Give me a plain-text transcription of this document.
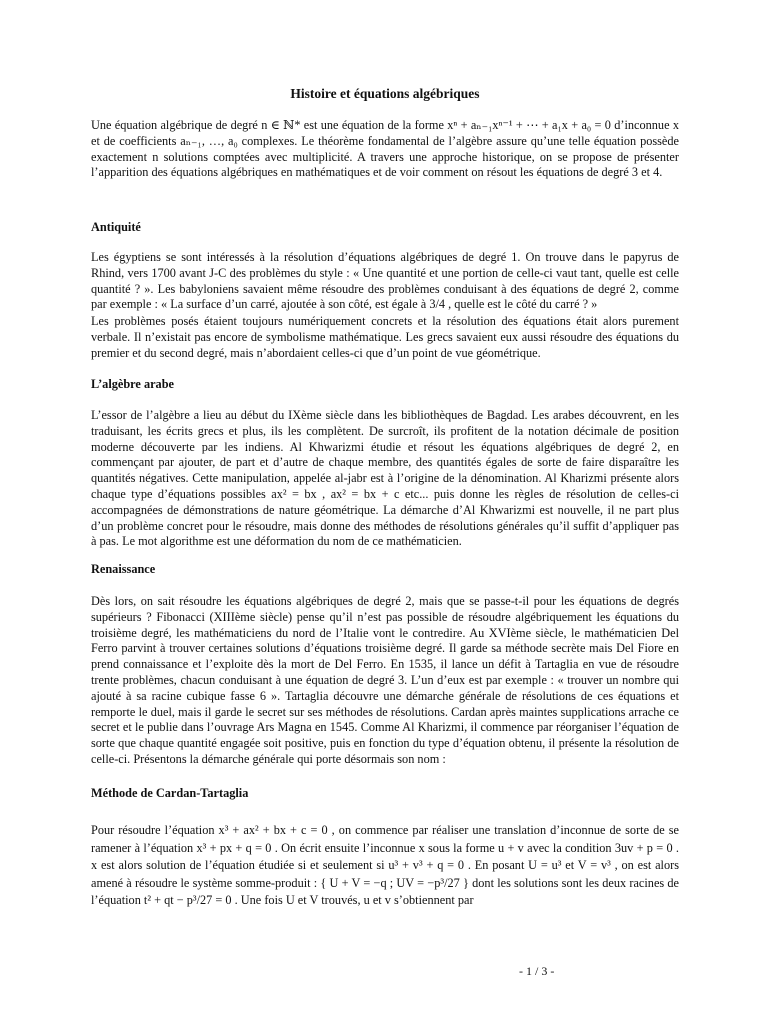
Histoire et équations algébriques

Une équation algébrique de degré n ∈ ℕ* est une équation de la forme xⁿ + aₙ₋₁xⁿ⁻¹ + ⋯ + a₁x + a₀ = 0 d’inconnue x et de coefficients aₙ₋₁, …, a₀ complexes. Le théorème fondamental de l’algèbre assure qu’une telle équation possède exactement n solutions comptées avec multiplicité. A travers une approche historique, on se propose de présenter l’apparition des équations algébriques en mathématiques et de voir comment on résout les équations de degré 3 et 4.

Antiquité

Les égyptiens se sont intéressés à la résolution d’équations algébriques de degré 1. On trouve dans le papyrus de Rhind, vers 1700 avant J-C des problèmes du style : « Une quantité et une portion de celle-ci vaut tant, quelle est celle quantité ? ». Les babyloniens savaient même résoudre des problèmes conduisant à des équations de degré 2, comme par exemple : « La surface d’un carré, ajoutée à son côté, est égale à 3/4 , quelle est le côté du carré ? »

Les problèmes posés étaient toujours numériquement concrets et la résolution des équations était alors purement verbale. Il n’existait pas encore de symbolisme mathématique. Les grecs savaient eux aussi résoudre des équations du premier et du second degré, mais n’abordaient celles-ci que d’un point de vue géométrique.

L’algèbre arabe

L’essor de l’algèbre a lieu au début du IXème siècle dans les bibliothèques de Bagdad. Les arabes découvrent, en les traduisant, les écrits grecs et plus, ils les complètent. De surcroît, ils profitent de la notation décimale de position moderne découverte par les indiens. Al Khwarizmi étudie et résout les équations algébriques de degré 2, en commençant par ajouter, de part et d’autre de chaque membre, des quantités égales de sorte de faire disparaître les quantités négatives. Cette manipulation, appelée al-jabr est à l’origine de la dénomination. Al Kharizmi présente alors chaque type d’équations possibles ax² = bx , ax² = bx + c etc... puis donne les règles de résolution de celles-ci accompagnées de démonstrations de nature géométrique. La démarche d’Al Khwarizmi est nouvelle, il ne part plus d’un problème concret pour le résoudre, mais donne des méthodes de résolutions générales qu’il suffit d’appliquer pas à pas. Le mot algorithme est une déformation du nom de ce mathématicien.

Renaissance

Dès lors, on sait résoudre les équations algébriques de degré 2, mais que se passe-t-il pour les équations de degrés supérieurs ? Fibonacci (XIIIème siècle) pense qu’il n’est pas possible de résoudre algébriquement les équations du troisième degré, les mathématiciens du nord de l’Italie vont le contredire. Au XVIème siècle, le mathématicien Del Ferro parvint à trouver certaines solutions d’équations troisième degré. Il garde sa méthode secrète mais Del Fiore en prend connaissance et l’exploite dès la mort de Del Ferro. En 1535, il lance un défit à Tartaglia en vue de résoudre trente problèmes, chacun conduisant à une équation de degré 3. L’un d’eux est par exemple : « trouver un nombre qui ajouté à sa racine cubique fasse 6 ». Tartaglia découvre une démarche générale de résolutions de ces équations et remporte le duel, mais il garde le secret sur ses méthodes de résolutions. Cardan après maintes supplications arrache ce secret et le publie dans l’ouvrage Ars Magna en 1545. Comme Al Kharizmi, il commence par réorganiser l’équation de sorte que chaque quantité engagée soit positive, puis en fonction du type d’équation obtenu, il présente la résolution de celle-ci. Présentons la démarche générale qui porte désormais son nom :

Méthode de Cardan-Tartaglia

Pour résoudre l’équation x³ + ax² + bx + c = 0 , on commence par réaliser une translation d’inconnue de sorte de se ramener à l’équation x³ + px + q = 0 . On écrit ensuite l’inconnue x sous la forme u + v avec la condition 3uv + p = 0 . x est alors solution de l’équation étudiée si et seulement si u³ + v³ + q = 0 . En posant U = u³ et V = v³ , on est alors amené à résoudre le système somme-produit : { U + V = −q ; UV = −p³/27 } dont les solutions sont les deux racines de l’équation t² + qt − p³/27 = 0 . Une fois U et V trouvés, u et v s’obtiennent par

- 1 / 3 -
